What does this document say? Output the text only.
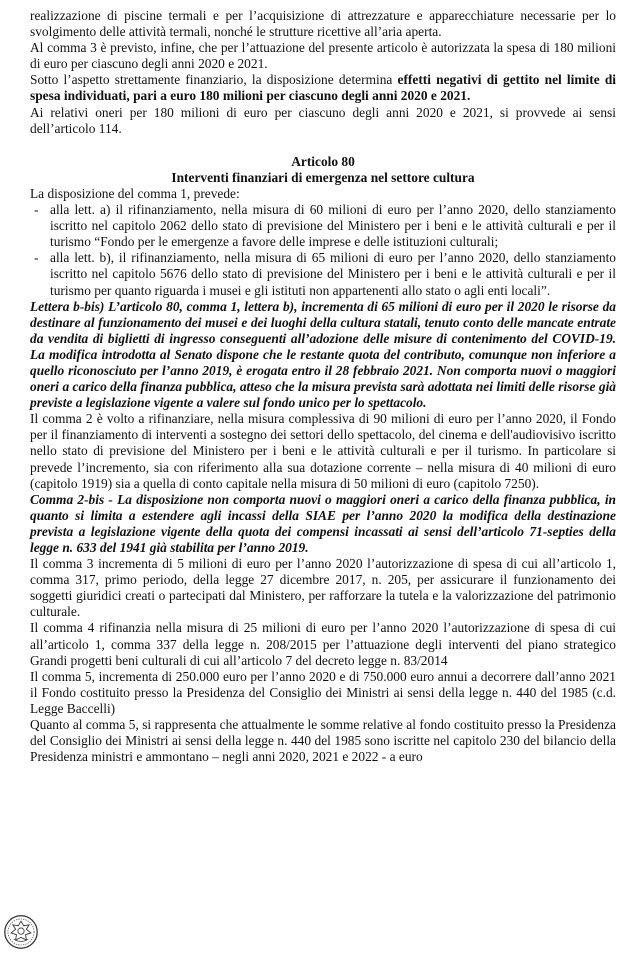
realizzazione di piscine termali e per l’acquisizione di attrezzature e apparecchiature necessarie per lo svolgimento delle attività termali, nonché le strutture ricettive all’aria aperta.

Al comma 3 è previsto, infine, che per l’attuazione del presente articolo è autorizzata la spesa di 180 milioni di euro per ciascuno degli anni 2020 e 2021.

Sotto l’aspetto strettamente finanziario, la disposizione determina effetti negativi di gettito nel limite di spesa individuati, pari a euro 180 milioni per ciascuno degli anni 2020 e 2021.

Ai relativi oneri per 180 milioni di euro per ciascuno degli anni 2020 e 2021, si provvede ai sensi dell’articolo 114.

Articolo 80

Interventi finanziari di emergenza nel settore cultura

La disposizione del comma 1, prevede:

- alla lett. a) il rifinanziamento, nella misura di 60 milioni di euro per l’anno 2020, dello stanziamento iscritto nel capitolo 2062 dello stato di previsione del Ministero per i beni e le attività culturali e per il turismo “Fondo per le emergenze a favore delle imprese e delle istituzioni culturali;
- alla lett. b), il rifinanziamento, nella misura di 65 milioni di euro per l’anno 2020, dello stanziamento iscritto nel capitolo 5676 dello stato di previsione del Ministero per i beni e le attività culturali e per il turismo per quanto riguarda i musei e gli istituti non appartenenti allo stato o agli enti locali”.

Lettera b-bis) L’articolo 80, comma 1, lettera b), incrementa di 65 milioni di euro per il 2020 le risorse da destinare al funzionamento dei musei e dei luoghi della cultura statali, tenuto conto delle mancate entrate da vendita di biglietti di ingresso conseguenti all’adozione delle misure di contenimento del COVID-19. La modifica introdotta al Senato dispone che le restante quota del contributo, comunque non inferiore a quello riconosciuto per l’anno 2019, è erogata entro il 28 febbraio 2021. Non comporta nuovi o maggiori oneri a carico della finanza pubblica, atteso che la misura prevista sarà adottata nei limiti delle risorse già previste a legislazione vigente a valere sul fondo unico per lo spettacolo.

Il comma 2 è volto a rifinanziare, nella misura complessiva di 90 milioni di euro per l’anno 2020, il Fondo per il finanziamento di interventi a sostegno dei settori dello spettacolo, del cinema e dell'audiovisivo iscritto nello stato di previsione del Ministero per i beni e le attività culturali e per il turismo. In particolare si prevede l’incremento, sia con riferimento alla sua dotazione corrente – nella misura di 40 milioni di euro (capitolo 1919) sia a quella di conto capitale nella misura di 50 milioni di euro (capitolo 7250).

Comma 2-bis - La disposizione non comporta nuovi o maggiori oneri a carico della finanza pubblica, in quanto si limita a estendere agli incassi della SIAE per l’anno 2020 la modifica della destinazione prevista a legislazione vigente della quota dei compensi incassati ai sensi dell’articolo 71-septies della legge n. 633 del 1941 già stabilita per l’anno 2019.

Il comma 3 incrementa di 5 milioni di euro per l’anno 2020 l’autorizzazione di spesa di cui all’articolo 1, comma 317, primo periodo, della legge 27 dicembre 2017, n. 205, per assicurare il funzionamento dei soggetti giuridici creati o partecipati dal Ministero, per rafforzare la tutela e la valorizzazione del patrimonio culturale.

Il comma 4 rifinanzia nella misura di 25 milioni di euro per l’anno 2020 l’autorizzazione di spesa di cui all’articolo 1, comma 337 della legge n. 208/2015 per l’attuazione degli interventi del piano strategico Grandi progetti beni culturali di cui all’articolo 7 del decreto legge n. 83/2014

Il comma 5, incrementa di 250.000 euro per l’anno 2020 e di 750.000 euro annui a decorrere dall’anno 2021 il Fondo costituito presso la Presidenza del Consiglio dei Ministri ai sensi della legge n. 440 del 1985 (c.d. Legge Baccelli)

Quanto al comma 5, si rappresenta che attualmente le somme relative al fondo costituito presso la Presidenza del Consiglio dei Ministri ai sensi della legge n. 440 del 1985 sono iscritte nel capitolo 230 del bilancio della Presidenza ministri e ammontano – negli anni 2020, 2021 e 2022 - a euro
